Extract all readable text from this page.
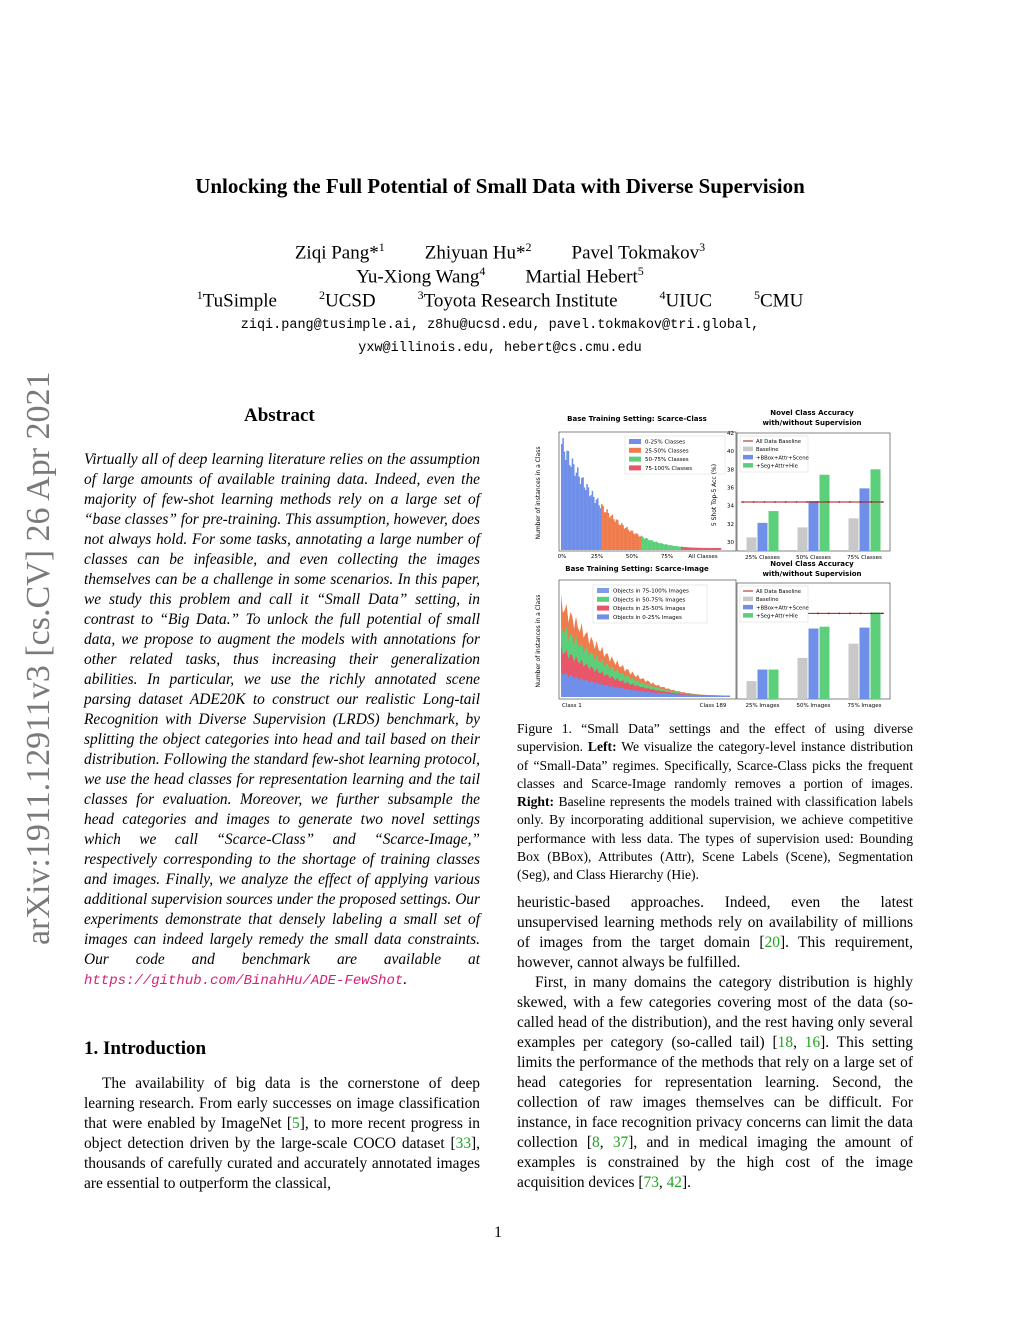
arXiv:1911.12911v3 [cs.CV] 26 Apr 2021
Unlocking the Full Potential of Small Data with Diverse Supervision
Ziqi Pang*$^1$ Zhiyuan Hu*$^2$ Pavel Tokmakov$^3$
Yu-Xiong Wang$^4$ Martial Hebert$^5$
$^1$TuSimple	$^2$UCSD	$^3$Toyota Research Institute	$^4$UIUC	$^5$CMU
ziqi.pang@tusimple.ai, z8hu@ucsd.edu, pavel.tokmakov@tri.global,
yxw@illinois.edu, hebert@cs.cmu.edu
Abstract
Virtually all of deep learning literature relies on the assumption of large amounts of available training data. Indeed, even the majority of few-shot learning methods rely on a large set of “base classes” for pre-training. This assumption, however, does not always hold. For some tasks, annotating a large number of classes can be infeasible, and even collecting the images themselves can be a challenge in some scenarios. In this paper, we study this problem and call it “Small Data” setting, in contrast to “Big Data.” To unlock the full potential of small data, we propose to augment the models with annotations for other related tasks, thus increasing their generalization abilities. In particular, we use the richly annotated scene parsing dataset ADE20K to construct our realistic Long-tail Recognition with Diverse Supervision (LRDS) benchmark, by splitting the object categories into head and tail based on their distribution. Following the standard few-shot learning protocol, we use the head classes for representation learning and the tail classes for evaluation. Moreover, we further subsample the head categories and images to generate two novel settings which we call “Scarce-Class” and “Scarce-Image,” respectively corresponding to the shortage of training classes and images. Finally, we analyze the effect of applying various additional supervision sources under the proposed settings. Our experiments demonstrate that densely labeling a small set of images can indeed largely remedy the small data constraints. Our code and benchmark are available at https://github.com/BinahHu/ADE-FewShot.
1. Introduction
The availability of big data is the cornerstone of deep learning research. From early successes on image classification that were enabled by ImageNet [5], to more recent progress in object detection driven by the large-scale COCO dataset [33], thousands of carefully curated and accurately annotated images are essential to outperform the classical,
Base Training Setting: Scarce-Class
Number of instances in a Class
0%	25%	50%	75%	All Classes
0-25% Classes
25-50% Classes
50-75% Classes
75-100% Classes
Novel Class Accuracy
with/without Supervision
30
32
34
36
38
40
42
25% Classes	50% Classes	75% Classes
All Data Baseline
Baseline
+BBox+Attr+Scene
+Seg+Attr+Hie
5 Shot Top-5 Acc (%)
Base Training Setting: Scarce-Image
Class 1	Class 189
Number of instances in a Class
Objects in 75-100% Images
Objects in 50-75% Images
Objects in 25-50% Images
Objects in 0-25% Images
Novel Class Accuracy
with/without Supervision
25% Images	50% Images	75% Images
All Data Baseline
Baseline
+BBox+Attr+Scene
+Seg+Attr+Hie
Figure 1. “Small Data” settings and the effect of using diverse supervision. Left: We visualize the category-level instance distribution of “Small-Data” regimes. Specifically, Scarce-Class picks the frequent classes and Scarce-Image randomly removes a portion of images. Right: Baseline represents the models trained with classification labels only. By incorporating additional supervision, we achieve competitive performance with less data. The types of supervision used: Bounding Box (BBox), Attributes (Attr), Scene Labels (Scene), Segmentation (Seg), and Class Hierarchy (Hie).

heuristic-based approaches. Indeed, even the latest unsupervised learning methods rely on availability of millions of images from the target domain [20]. This requirement, however, cannot always be fulfilled.

First, in many domains the category distribution is highly skewed, with a few categories covering most of the data (so-called head of the distribution), and the rest having only several examples per category (so-called tail) [18, 16]. This setting limits the performance of the methods that rely on a large set of head categories for representation learning. Second, the collection of raw images themselves can be difficult. For instance, in face recognition privacy concerns can limit the data collection [8, 37], and in medical imaging the amount of examples is constrained by the high cost of the image acquisition devices [73, 42].

1
